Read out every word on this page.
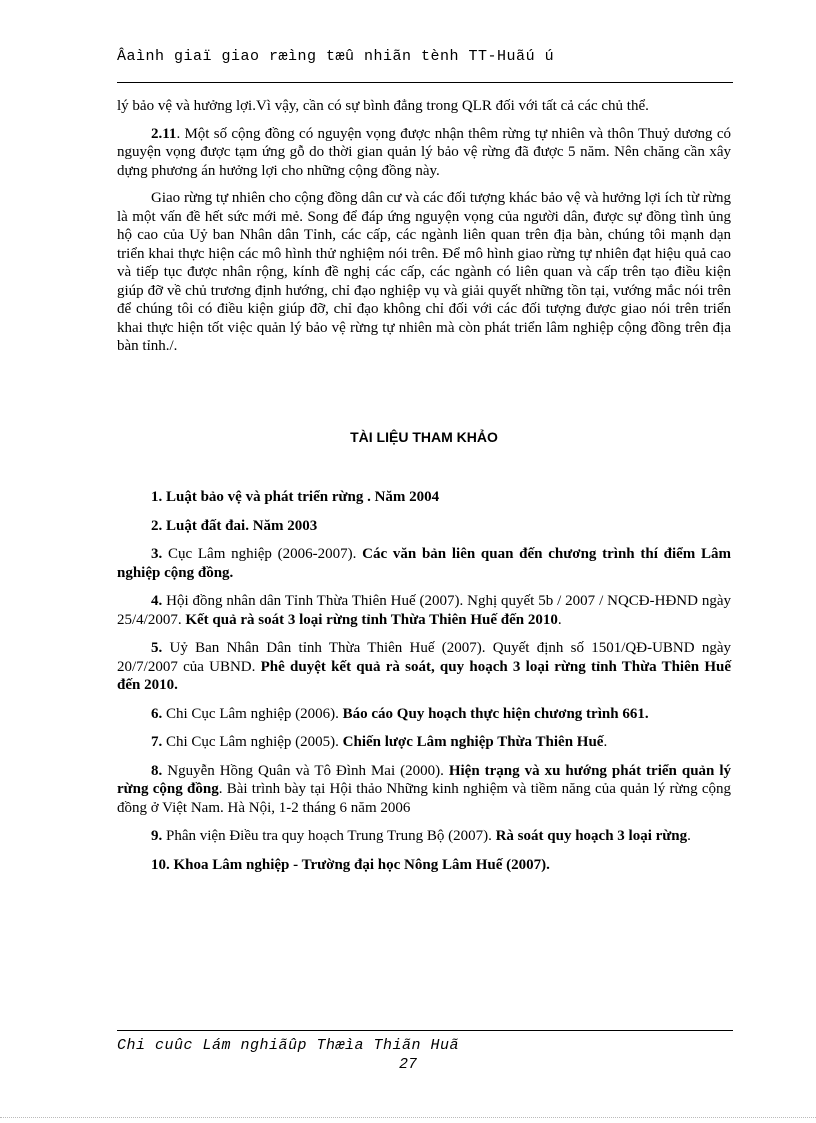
Âaình giaï giao ræìng tæû nhiãn tènh TT-Huãú ú

lý bảo vệ và hưởng lợi.Vì vậy, cần có sự bình đẳng trong QLR đối với tất cả các chủ thể.

2.11. Một số cộng đồng có nguyện vọng được nhận thêm rừng tự nhiên và thôn Thuỷ dương có nguyện vọng được tạm ứng gỗ do thời gian quản lý bảo vệ rừng đã được 5 năm. Nên chăng cần xây dựng phương án hưởng lợi cho những cộng đồng này.

Giao rừng tự nhiên cho cộng đồng dân cư và các đối tượng khác bảo vệ và hưởng lợi ích từ rừng là một vấn đề hết sức mới mẻ. Song để đáp ứng nguyện vọng của người dân, được sự đồng tình ủng hộ cao của Uỷ ban Nhân dân Tỉnh, các cấp, các ngành liên quan trên địa bàn, chúng tôi mạnh dạn triển khai thực hiện các mô hình thử nghiệm nói trên. Để mô hình giao rừng tự nhiên đạt hiệu quả cao và tiếp tục được nhân rộng, kính đề nghị các cấp, các ngành có liên quan và cấp trên tạo điều kiện giúp đỡ về chủ trương định hướng, chỉ đạo nghiệp vụ và giải quyết những tồn tại, vướng mắc nói trên để chúng tôi có điều kiện giúp đỡ, chỉ đạo không chỉ đối với các đối tượng được giao nói trên triển khai thực hiện tốt việc quản lý bảo vệ rừng tự nhiên mà còn phát triển lâm nghiệp cộng đồng trên địa bàn tỉnh./.

TÀI LIỆU THAM KHẢO

1. Luật bảo vệ và phát triển rừng . Năm 2004

2. Luật đất đai. Năm 2003

3. Cục Lâm nghiệp (2006-2007). Các văn bản liên quan đến chương trình thí điểm Lâm nghiệp cộng đồng.

4. Hội đồng nhân dân Tỉnh Thừa Thiên Huế (2007). Nghị quyết 5b / 2007 / NQCĐ-HĐND ngày 25/4/2007. Kết quả rà soát 3 loại rừng tỉnh Thừa Thiên Huế đến 2010.

5. Uỷ Ban Nhân Dân tỉnh Thừa Thiên Huế (2007). Quyết định số 1501/QĐ-UBND ngày 20/7/2007 của UBND. Phê duyệt kết quả rà soát, quy hoạch 3 loại rừng tỉnh Thừa Thiên Huế đến 2010.

6. Chi Cục Lâm nghiệp (2006). Báo cáo Quy hoạch thực hiện chương trình 661.

7. Chi Cục Lâm nghiệp (2005). Chiến lược Lâm nghiệp Thừa Thiên Huế.

8. Nguyễn Hồng Quân và Tô Đình Mai (2000). Hiện trạng và xu hướng phát triển quản lý rừng cộng đồng. Bài trình bày tại Hội thảo Những kinh nghiệm và tiềm năng của quản lý rừng cộng đồng ở Việt Nam. Hà Nội, 1-2 tháng 6 năm 2006

9. Phân viện Điều tra quy hoạch Trung Trung Bộ (2007). Rà soát quy hoạch 3 loại rừng.

10. Khoa Lâm nghiệp - Trường đại học Nông Lâm Huế (2007).

Chi cuûc Lám nghiãûp Thæìa Thiãn Huã
27
